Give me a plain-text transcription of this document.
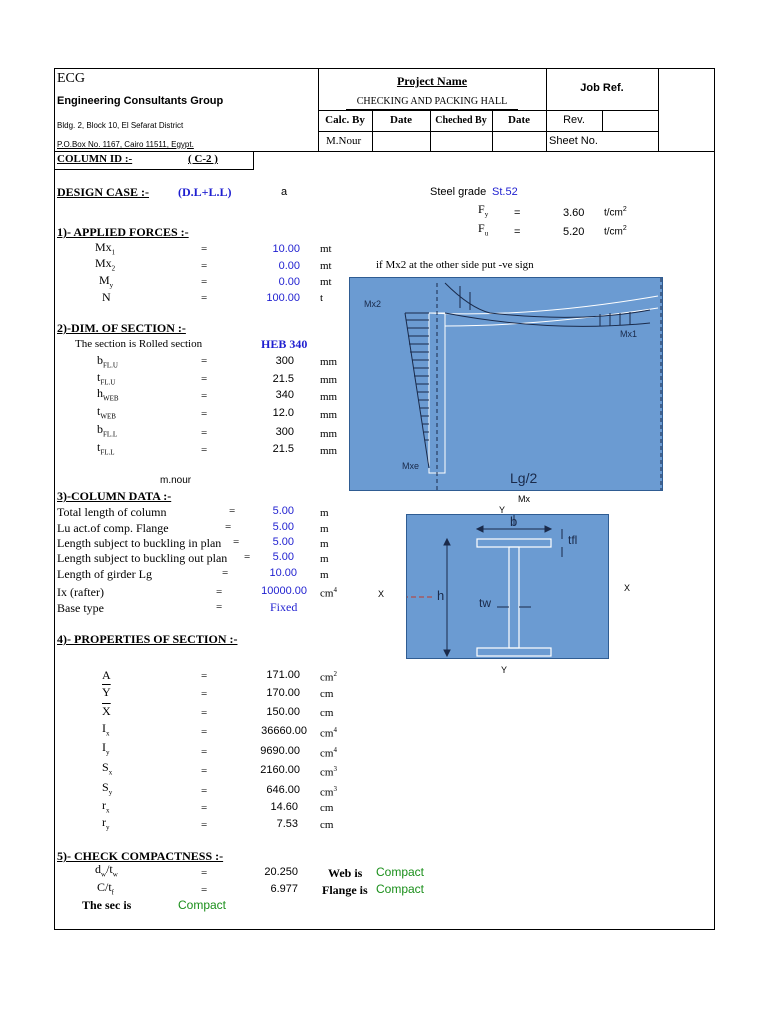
ECG
Engineering Consultants Group
Bldg. 2, Block 10, El Sefarat District
P.O.Box No. 1167, Cairo 11511, Egypt.
Project Name
CHECKING AND PACKING HALL
Job Ref.
Calc. By	Date	Cheched By	Date	Rev.
M.Nour	Sheet No.
COLUMN ID :-	( C-2 )
DESIGN CASE :- (D.L+L.L)	a	Steel grade St.52
$F_y$ =	3.60 $t/cm^2$
$F_u$ =	5.20 $t/cm^2$
1)- APPLIED FORCES :-
if Mx2 at the other side put -ve sign
$Mx_1$	=	10.00 mt
$Mx_2$	=	0.00 mt
$M_y$	=	0.00 mt
N	=	100.00 t
2)-DIM. OF SECTION :-
The section is Rolled section	HEB 340
$b_{FL.U}$	=	300 mm
$t_{FL.U}$	=	21.5 mm
$h_{WEB}$	=	340 mm
$t_{WEB}$	=	12.0 mm
$b_{FL.L}$	=	300 mm
$t_{FL.L}$	=	21.5 mm
m.nour
Mx2
Mx1
Mxe
Lg/2
3)-COLUMN DATA :-
Total length of column	=	5.00 m
Lu act.of comp. Flange	=	5.00 m
Length subject to buckling in plan =	5.00 m
Length subject to buckling out plan =	5.00 m
Length of girder Lg	=	10.00 m
Ix (rafter)	=	10000.00 $cm^4$
Base type	=	Fixed
b
tfl
h	tw
Mx
Y
X
X
Y
4)- PROPERTIES OF SECTION :-
A	=	171.00 $cm^2$
$\overline{Y}$	=	170.00 cm
$\overline{X}$	=	150.00 cm
$I_x$	=	36660.00 $cm^4$
$I_y$	=	9690.00 $cm^4$
$S_x$	=	2160.00 $cm^3$
$S_y$	=	646.00 $cm^3$
$r_x$	=	14.60 cm
$r_y$	=	7.53 cm
5)- CHECK COMPACTNESS :-
$d_w/t_w$	=	20.250	Web is Compact
$C/t_f$	=	6.977 Flange is Compact
The sec is	Compact
